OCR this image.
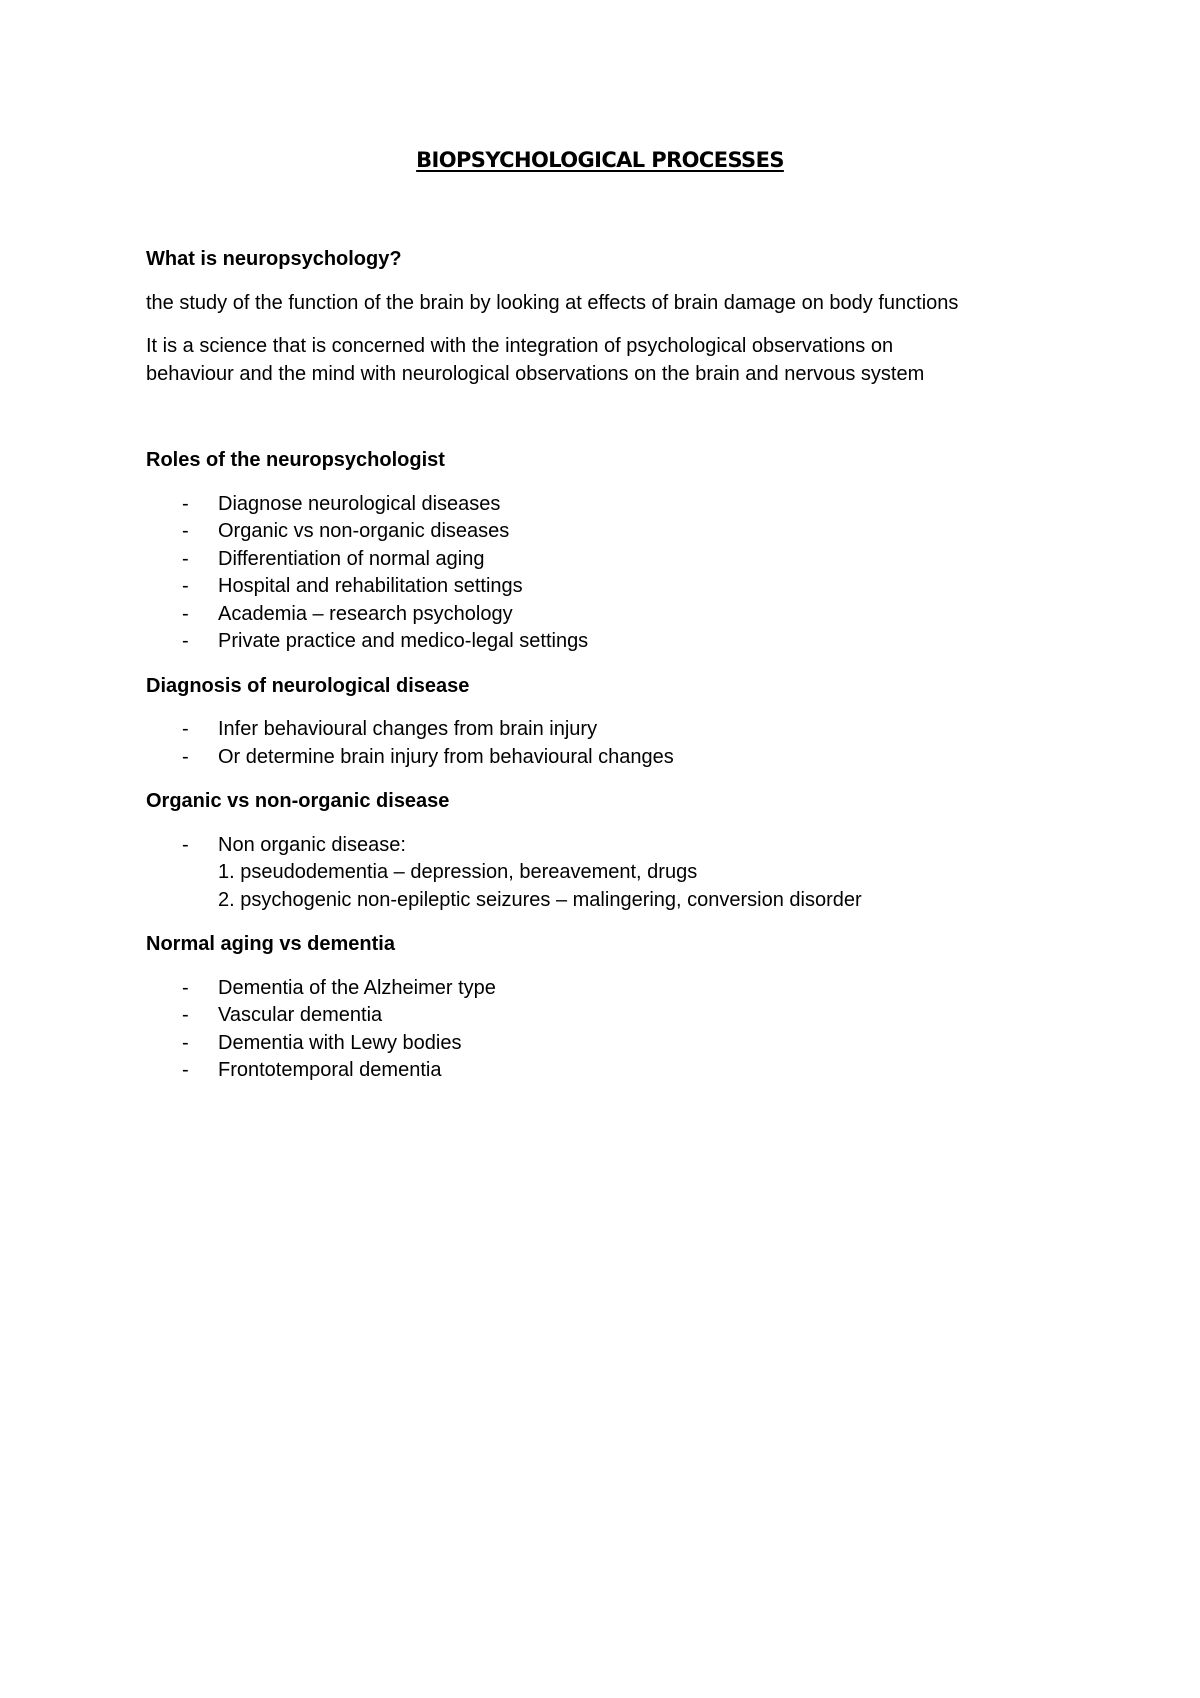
BIOPSYCHOLOGICAL PROCESSES

What is neuropsychology?

the study of the function of the brain by looking at effects of brain damage on body functions

It is a science that is concerned with the integration of psychological observations on

behaviour and the mind with neurological observations on the brain and nervous system

Roles of the neuropsychologist

- Diagnose neurological diseases
- Organic vs non-organic diseases
- Differentiation of normal aging
- Hospital and rehabilitation settings
- Academia – research psychology
- Private practice and medico-legal settings

Diagnosis of neurological disease

- Infer behavioural changes from brain injury
- Or determine brain injury from behavioural changes

Organic vs non-organic disease

- Non organic disease:
1. pseudodementia – depression, bereavement, drugs
2. psychogenic non-epileptic seizures – malingering, conversion disorder

Normal aging vs dementia

- Dementia of the Alzheimer type
- Vascular dementia
- Dementia with Lewy bodies
- Frontotemporal dementia
